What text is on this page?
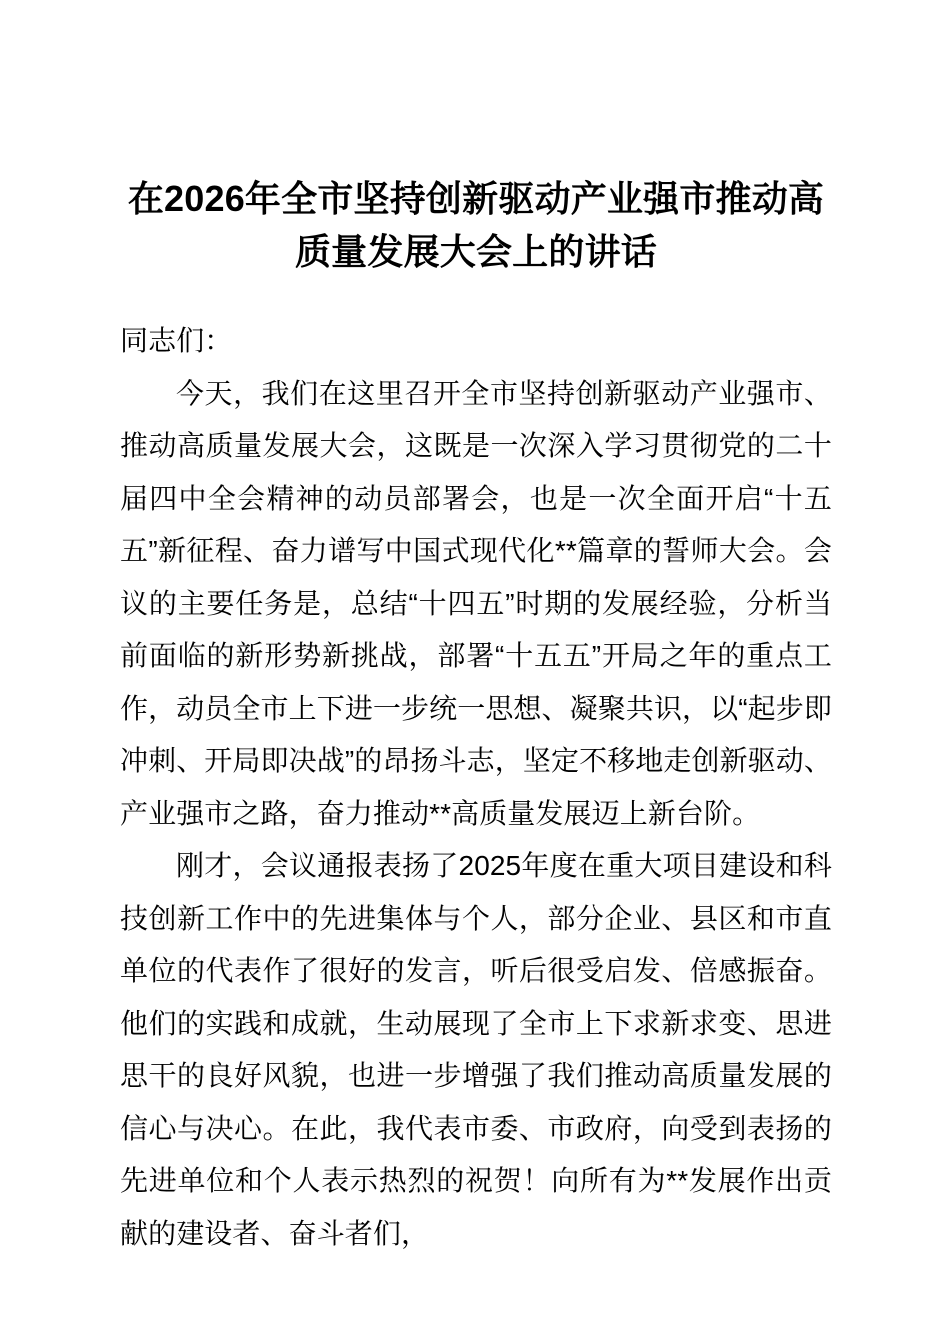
在2026年全市坚持创新驱动产业强市推动高质量发展大会上的讲话

同志们：

今天，我们在这里召开全市坚持创新驱动产业强市、推动高质量发展大会，这既是一次深入学习贯彻党的二十届四中全会精神的动员部署会，也是一次全面开启“十五五”新征程、奋力谱写中国式现代化**篇章的誓师大会。会议的主要任务是，总结“十四五”时期的发展经验，分析当前面临的新形势新挑战，部署“十五五”开局之年的重点工作，动员全市上下进一步统一思想、凝聚共识，以“起步即冲刺、开局即决战”的昂扬斗志，坚定不移地走创新驱动、产业强市之路，奋力推动**高质量发展迈上新台阶。

刚才，会议通报表扬了2025年度在重大项目建设和科技创新工作中的先进集体与个人，部分企业、县区和市直单位的代表作了很好的发言，听后很受启发、倍感振奋。他们的实践和成就，生动展现了全市上下求新求变、思进思干的良好风貌，也进一步增强了我们推动高质量发展的信心与决心。在此，我代表市委、市政府，向受到表扬的先进单位和个人表示热烈的祝贺！向所有为**发展作出贡献的建设者、奋斗者们，
